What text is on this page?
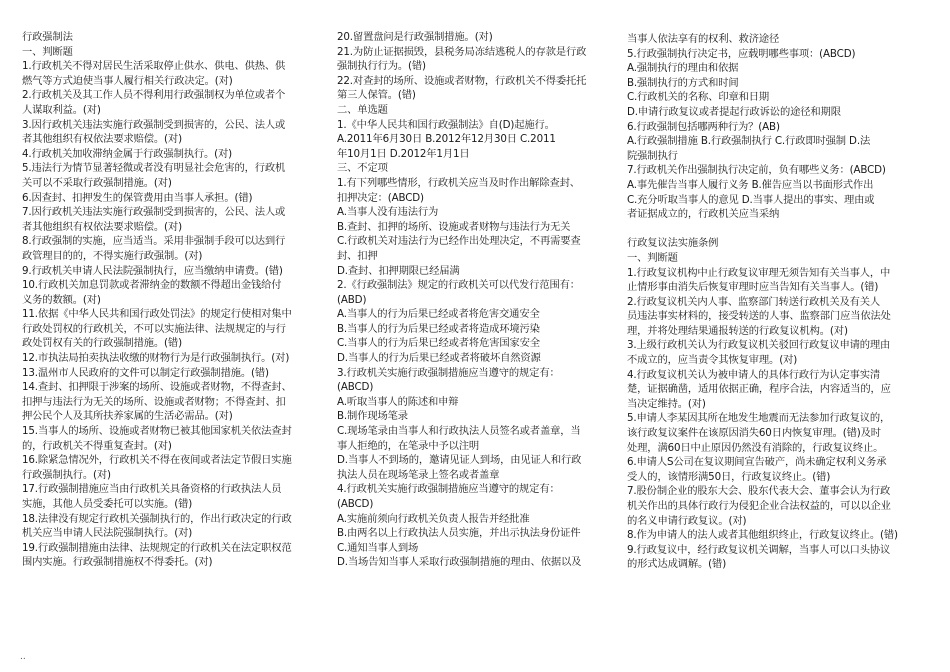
行政强制法
一、判断题
1.行政机关不得对居民生活采取停止供水、供电、供热、供
燃气等方式迫使当事人履行相关行政决定。(对)
2.行政机关及其工作人员不得利用行政强制权为单位或者个
人谋取利益。(对)
3.因行政机关违法实施行政强制受到损害的，公民、法人或
者其他组织有权依法要求赔偿。(对)
4.行政机关加收滞纳金属于行政强制执行。(对)
5.违法行为情节显著轻微或者没有明显社会危害的，行政机
关可以不采取行政强制措施。(对)
6.因查封、扣押发生的保管费用由当事人承担。(错)
7.因行政机关违法实施行政强制受到损害的，公民、法人或
者其他组织有权依法要求赔偿。(对)
8.行政强制的实施，应当适当。采用非强制手段可以达到行
政管理目的的，不得实施行政强制。(对)
9.行政机关申请人民法院强制执行，应当缴纳申请费。(错)
10.行政机关加息罚款或者滞纳金的数额不得超出金钱给付
义务的数额。(对)
11.依据《中华人民共和国行政处罚法》的规定行使相对集中
行政处罚权的行政机关，不可以实施法律、法规规定的与行
政处罚权有关的行政强制措施。(错)
12.市执法局拍卖执法收缴的财物行为是行政强制执行。(对)
13.温州市人民政府的文件可以制定行政强制措施。(错)
14.查封、扣押限于涉案的场所、设施或者财物，不得查封、
扣押与违法行为无关的场所、设施或者财物；不得查封、扣
押公民个人及其所扶养家属的生活必需品。(对)
15.当事人的场所、设施或者财物已被其他国家机关依法查封
的，行政机关不得重复查封。(对)
16.除紧急情况外，行政机关不得在夜间或者法定节假日实施
行政强制执行。(对)
17.行政强制措施应当由行政机关具备资格的行政执法人员
实施，其他人员受委托可以实施。(错)
18.法律没有规定行政机关强制执行的，作出行政决定的行政
机关应当申请人民法院强制执行。(对)
19.行政强制措施由法律、法规规定的行政机关在法定职权范
围内实施。行政强制措施权不得委托。(对)
20.留置盘问是行政强制措施。(对)
21.为防止证据损毁，县税务局冻结逃税人的存款是行政
强制执行行为。(错)
22.对查封的场所、设施或者财物，行政机关不得委托托
第三人保管。(错)
二、单选题
1.《中华人民共和国行政强制法》自(D)起施行。
A.2011年6月30日 B.2012年12月30日 C.2011
年10月1日 D.2012年1月1日
三、不定项
1.有下列哪些情形，行政机关应当及时作出解除查封、
扣押决定：(ABCD)
A.当事人没有违法行为
B.查封、扣押的场所、设施或者财物与违法行为无关
C.行政机关对违法行为已经作出处理决定，不再需要查
封、扣押
D.查封、扣押期限已经届满
2.《行政强制法》规定的行政机关可以代发行范围有：
(ABD)
A.当事人的行为后果已经或者将危害交通安全
B.当事人的行为后果已经或者将造成环境污染
C.当事人的行为后果已经或者将危害国家安全
D.当事人的行为后果已经或者将破坏自然资源
3.行政机关实施行政强制措施应当遵守的规定有：
(ABCD)
A.听取当事人的陈述和申辩
B.制作现场笔录
C.现场笔录由当事人和行政执法人员签名或者盖章，当
事人拒绝的，在笔录中予以注明
D.当事人不到场的，邀请见证人到场，由见证人和行政
执法人员在现场笔录上签名或者盖章
4.行政机关实施行政强制措施应当遵守的规定有：
(ABCD)
A.实施前须向行政机关负责人报告并经批准
B.由两名以上行政执法人员实施，并出示执法身份证件
C.通知当事人到场
D.当场告知当事人采取行政强制措施的理由、依据以及
当事人依法享有的权利、救济途径
5.行政强制执行决定书，应载明哪些事项：(ABCD)
A.强制执行的理由和依据
B.强制执行的方式和时间
C.行政机关的名称、印章和日期
D.申请行政复议或者提起行政诉讼的途径和期限
6.行政强制包括哪两种行为？(AB)
A.行政强制措施 B.行政强制执行 C.行政即时强制 D.法
院强制执行
7.行政机关作出强制执行决定前，负有哪些义务：(ABCD)
A.事先催告当事人履行义务 B.催告应当以书面形式作出
C.充分听取当事人的意见 D.当事人提出的事实、理由或
者证据成立的，行政机关应当采纳
行政复议法实施条例
一、判断题
1.行政复议机构中止行政复议审理无须告知有关当事人，中
止情形事由消失后恢复审理时应当告知有关当事人。(错)
2.行政复议机关内人事、监察部门转送行政机关及有关人
员违法事实材料的，接受转送的人事、监察部门应当依法处
理，并将处理结果通报转送的行政复议机构。(对)
3.上级行政机关认为行政复议机关驳回行政复议申请的理由
不成立的，应当责令其恢复审理。(对)
4.行政复议机关认为被申请人的具体行政行为认定事实清
楚，证据确凿，适用依据正确，程序合法，内容适当的，应
当决定维持。(对)
5.申请人李某因其所在地发生地震而无法参加行政复议的，
该行政复议案件在该原因消失60日内恢复审理。(错)及时
处理，满60日中止原因仍然没有消除的，行政复议终止。
6.申请人S公司在复议期间宣告破产，尚未确定权利义务承
受人的，该情形满50日，行政复议终止。(错)
7.股份制企业的股东大会、股东代表大会、董事会认为行政
机关作出的具体行政行为侵犯企业合法权益的，可以以企业
的名义申请行政复议。(对)
8.作为申请人的法人或者其他组织终止，行政复议终止。(错)
9.行政复议中，经行政复议机关调解，当事人可以口头协议
的形式达成调解。(错)
..
